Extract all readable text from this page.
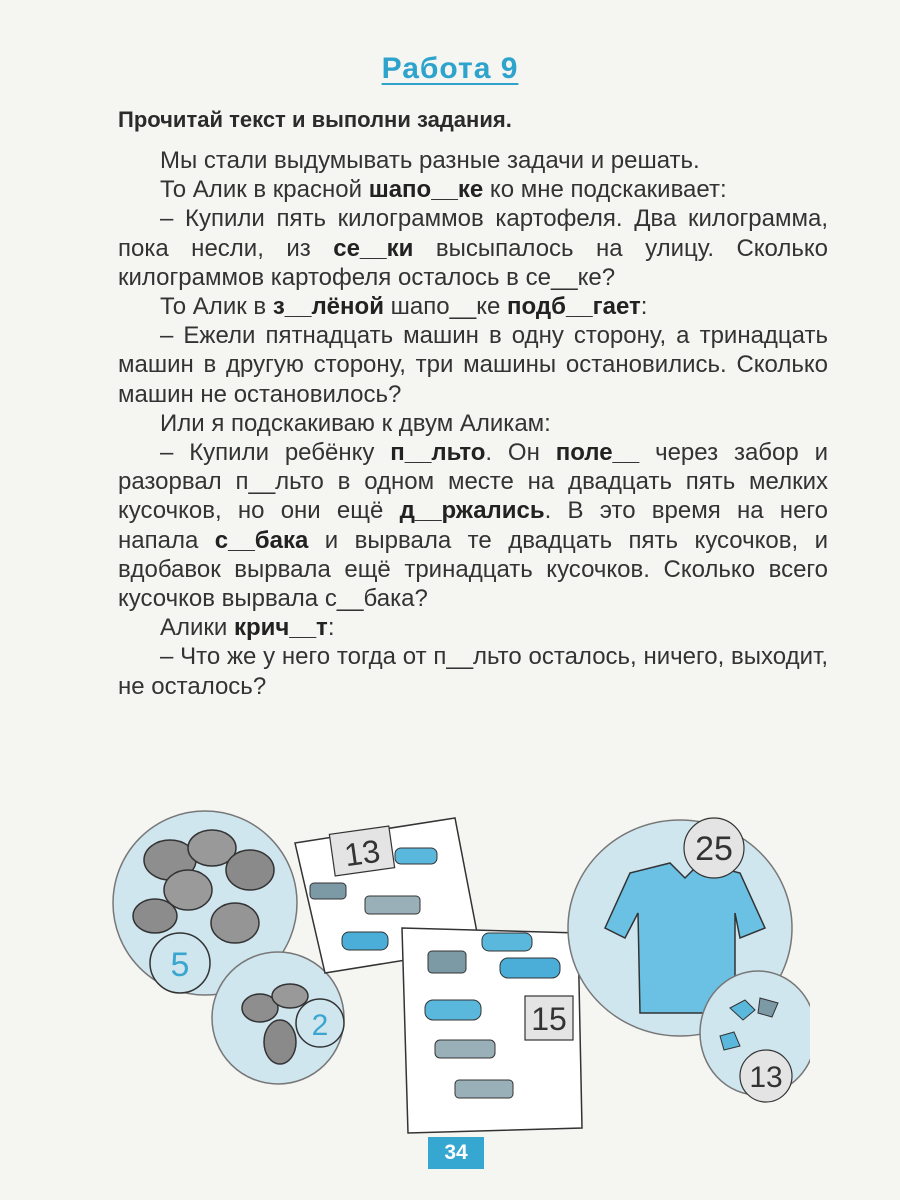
Работа 9
Прочитай текст и выполни задания.

Мы стали выдумывать разные задачи и решать.

То Алик в красной шапо__ке ко мне подскакивает:

– Купили пять килограммов картофеля. Два килограмма, пока несли, из се__ки высыпалось на улицу. Сколько килограммов картофеля осталось в се__ке?

То Алик в з__лёной шапо__ке подб__гает:

– Ежели пятнадцать машин в одну сторону, а тринадцать машин в другую сторону, три машины остановились. Сколько машин не остановилось?

Или я подскакиваю к двум Аликам:

– Купили ребёнку п__льто. Он поле__ через забор и разорвал п__льто в одном месте на двадцать пять мелких кусочков, но они ещё д__ржались. В это время на него напала с__бака и вырвала те двадцать пять кусочков, и вдобавок вырвала ещё тринадцать кусочков. Сколько всего кусочков вырвала с__бака?

Алики крич__т:

– Что же у него тогда от п__льто осталось, ничего, выходит, не осталось?

5
2
13
15
25
13
34
